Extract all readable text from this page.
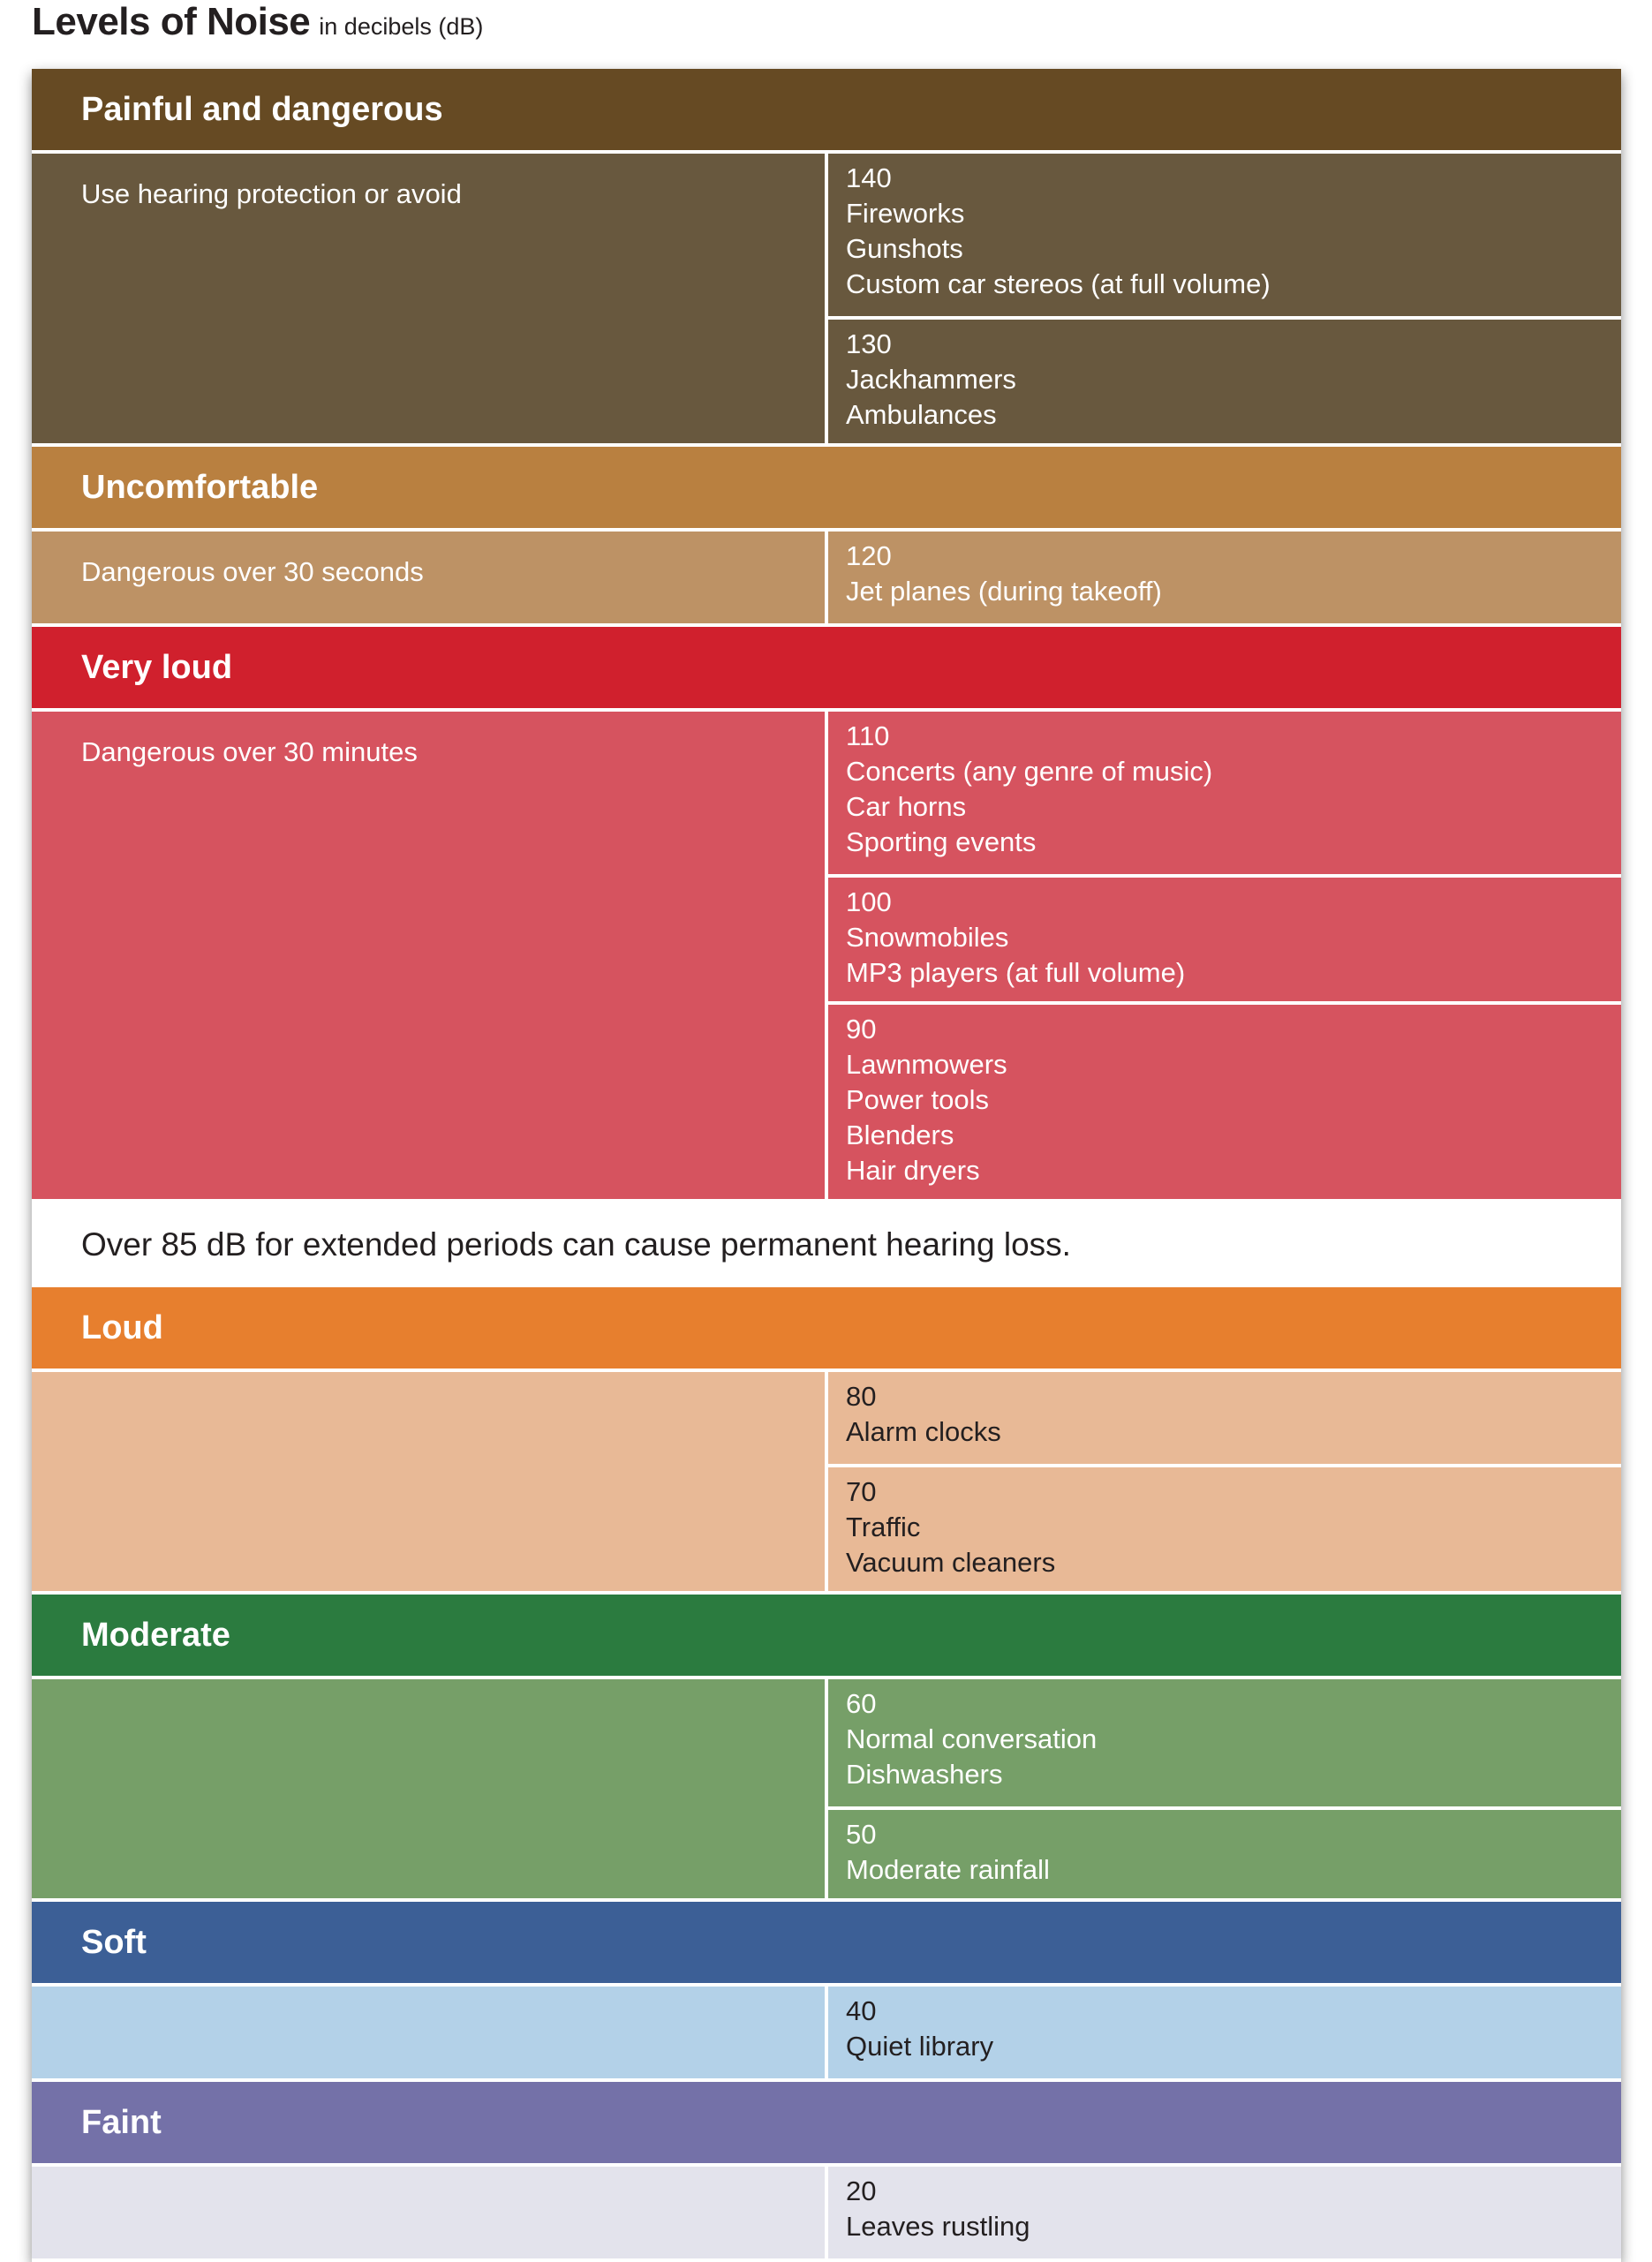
Levels of Noise in decibels (dB)
Painful and dangerous
Use hearing protection or avoid
140
Fireworks
Gunshots
Custom car stereos (at full volume)
130
Jackhammers
Ambulances
Uncomfortable
Dangerous over 30 seconds
120
Jet planes (during takeoff)
Very loud
Dangerous over 30 minutes
110
Concerts (any genre of music)
Car horns
Sporting events
100
Snowmobiles
MP3 players (at full volume)
90
Lawnmowers
Power tools
Blenders
Hair dryers
Over 85 dB for extended periods can cause permanent hearing loss.
Loud
80
Alarm clocks
70
Traffic
Vacuum cleaners
Moderate
60
Normal conversation
Dishwashers
50
Moderate rainfall
Soft
40
Quiet library
Faint
20
Leaves rustling
